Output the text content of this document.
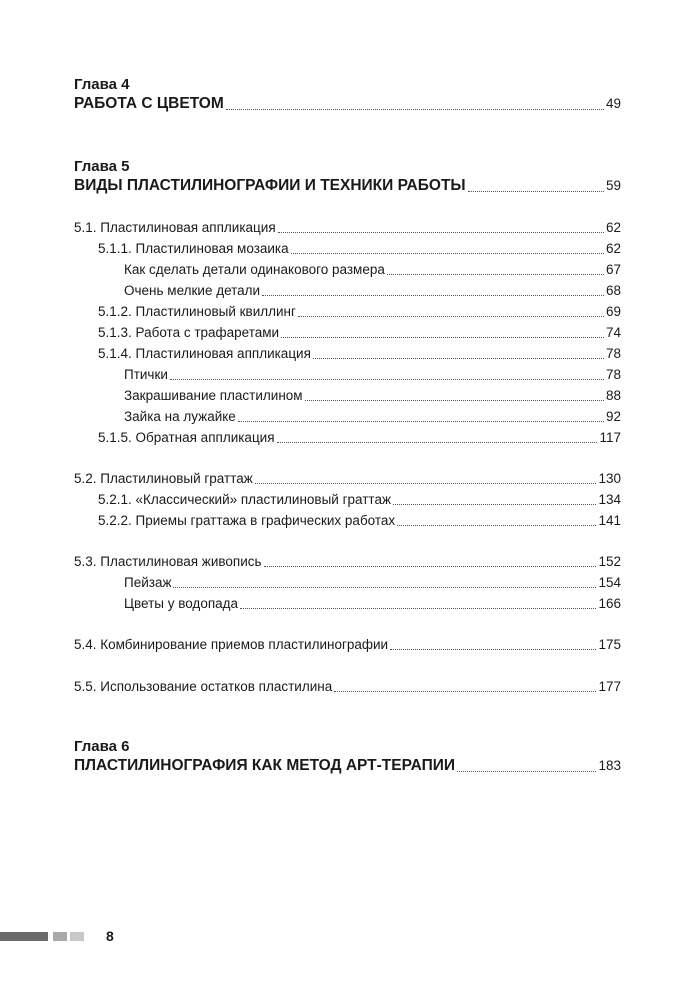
Глава 4
РАБОТА С ЦВЕТОМ	49
Глава 5
ВИДЫ ПЛАСТИЛИНОГРАФИИ И ТЕХНИКИ РАБОТЫ	59
5.1. Пластилиновая аппликация	62
5.1.1. Пластилиновая мозаика	62
Как сделать детали одинакового размера	67
Очень мелкие детали	68
5.1.2. Пластилиновый квиллинг	69
5.1.3. Работа с трафаретами	74
5.1.4. Пластилиновая аппликация	78
Птички	78
Закрашивание пластилином	88
Зайка на лужайке	92
5.1.5. Обратная аппликация	117
5.2. Пластилиновый граттаж	130
5.2.1. «Классический» пластилиновый граттаж	134
5.2.2. Приемы граттажа в графических работах	141
5.3. Пластилиновая живопись	152
Пейзаж	154
Цветы у водопада	166
5.4. Комбинирование приемов пластилинографии	175
5.5. Использование остатков пластилина	177
Глава 6
ПЛАСТИЛИНОГРАФИЯ КАК МЕТОД АРТ-ТЕРАПИИ	183
8
